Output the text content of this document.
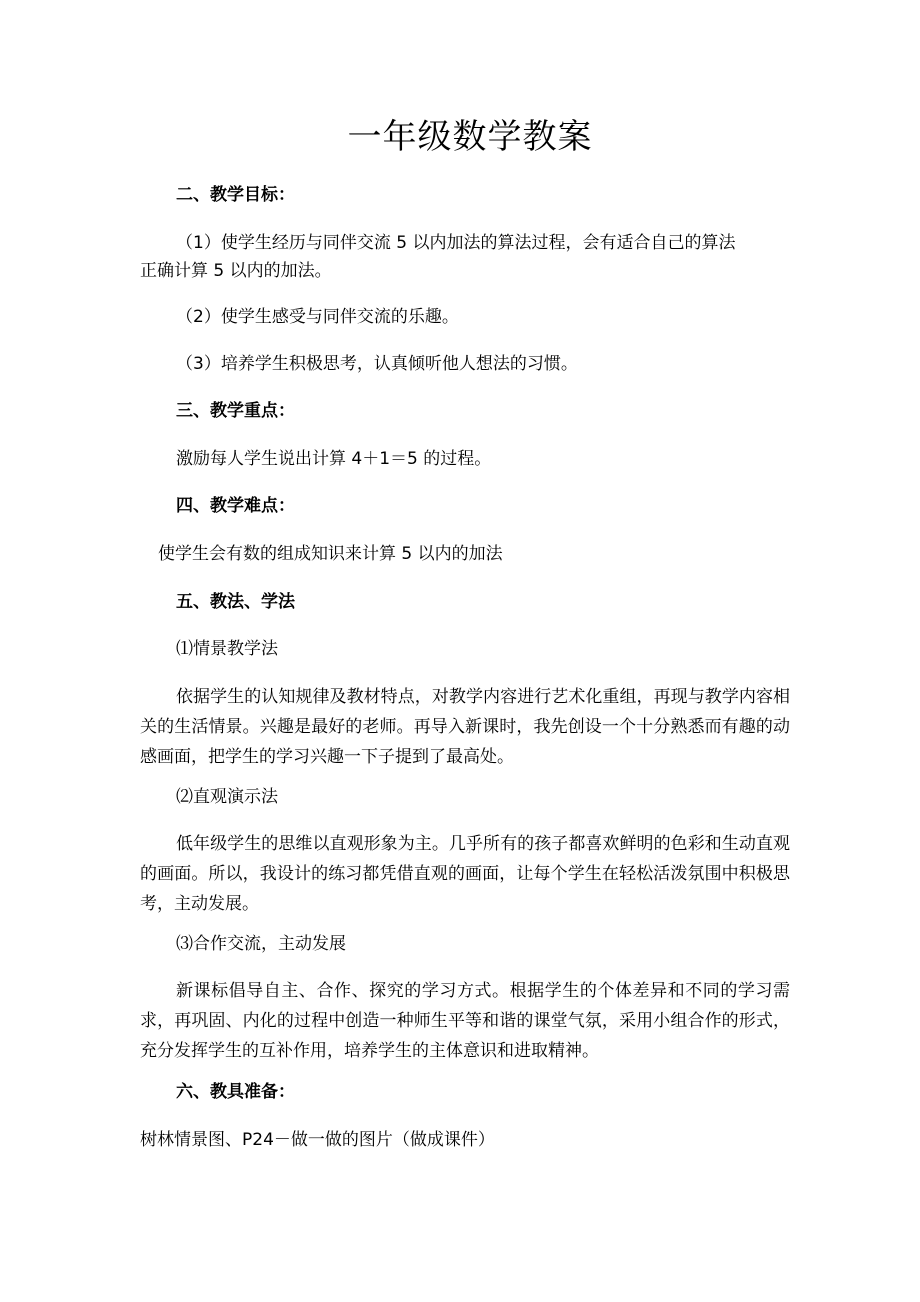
一年级数学教案
二、教学目标：
（1）使学生经历与同伴交流 5 以内加法的算法过程，会有适合自己的算法
正确计算 5 以内的加法。
（2）使学生感受与同伴交流的乐趣。
（3）培养学生积极思考，认真倾听他人想法的习惯。
三、教学重点：
激励每人学生说出计算 4＋1＝5 的过程。
四、教学难点：
使学生会有数的组成知识来计算 5 以内的加法
五、教法、学法
⑴情景教学法
依据学生的认知规律及教材特点，对教学内容进行艺术化重组，再现与教学内容相关的生活情景。兴趣是最好的老师。再导入新课时，我先创设一个十分熟悉而有趣的动感画面，把学生的学习兴趣一下子提到了最高处。
⑵直观演示法
低年级学生的思维以直观形象为主。几乎所有的孩子都喜欢鲜明的色彩和生动直观的画面。所以，我设计的练习都凭借直观的画面，让每个学生在轻松活泼氛围中积极思考，主动发展。
⑶合作交流，主动发展
新课标倡导自主、合作、探究的学习方式。根据学生的个体差异和不同的学习需求，再巩固、内化的过程中创造一种师生平等和谐的课堂气氛，采用小组合作的形式，充分发挥学生的互补作用，培养学生的主体意识和进取精神。
六、教具准备：
树林情景图、P24－做一做的图片（做成课件）
